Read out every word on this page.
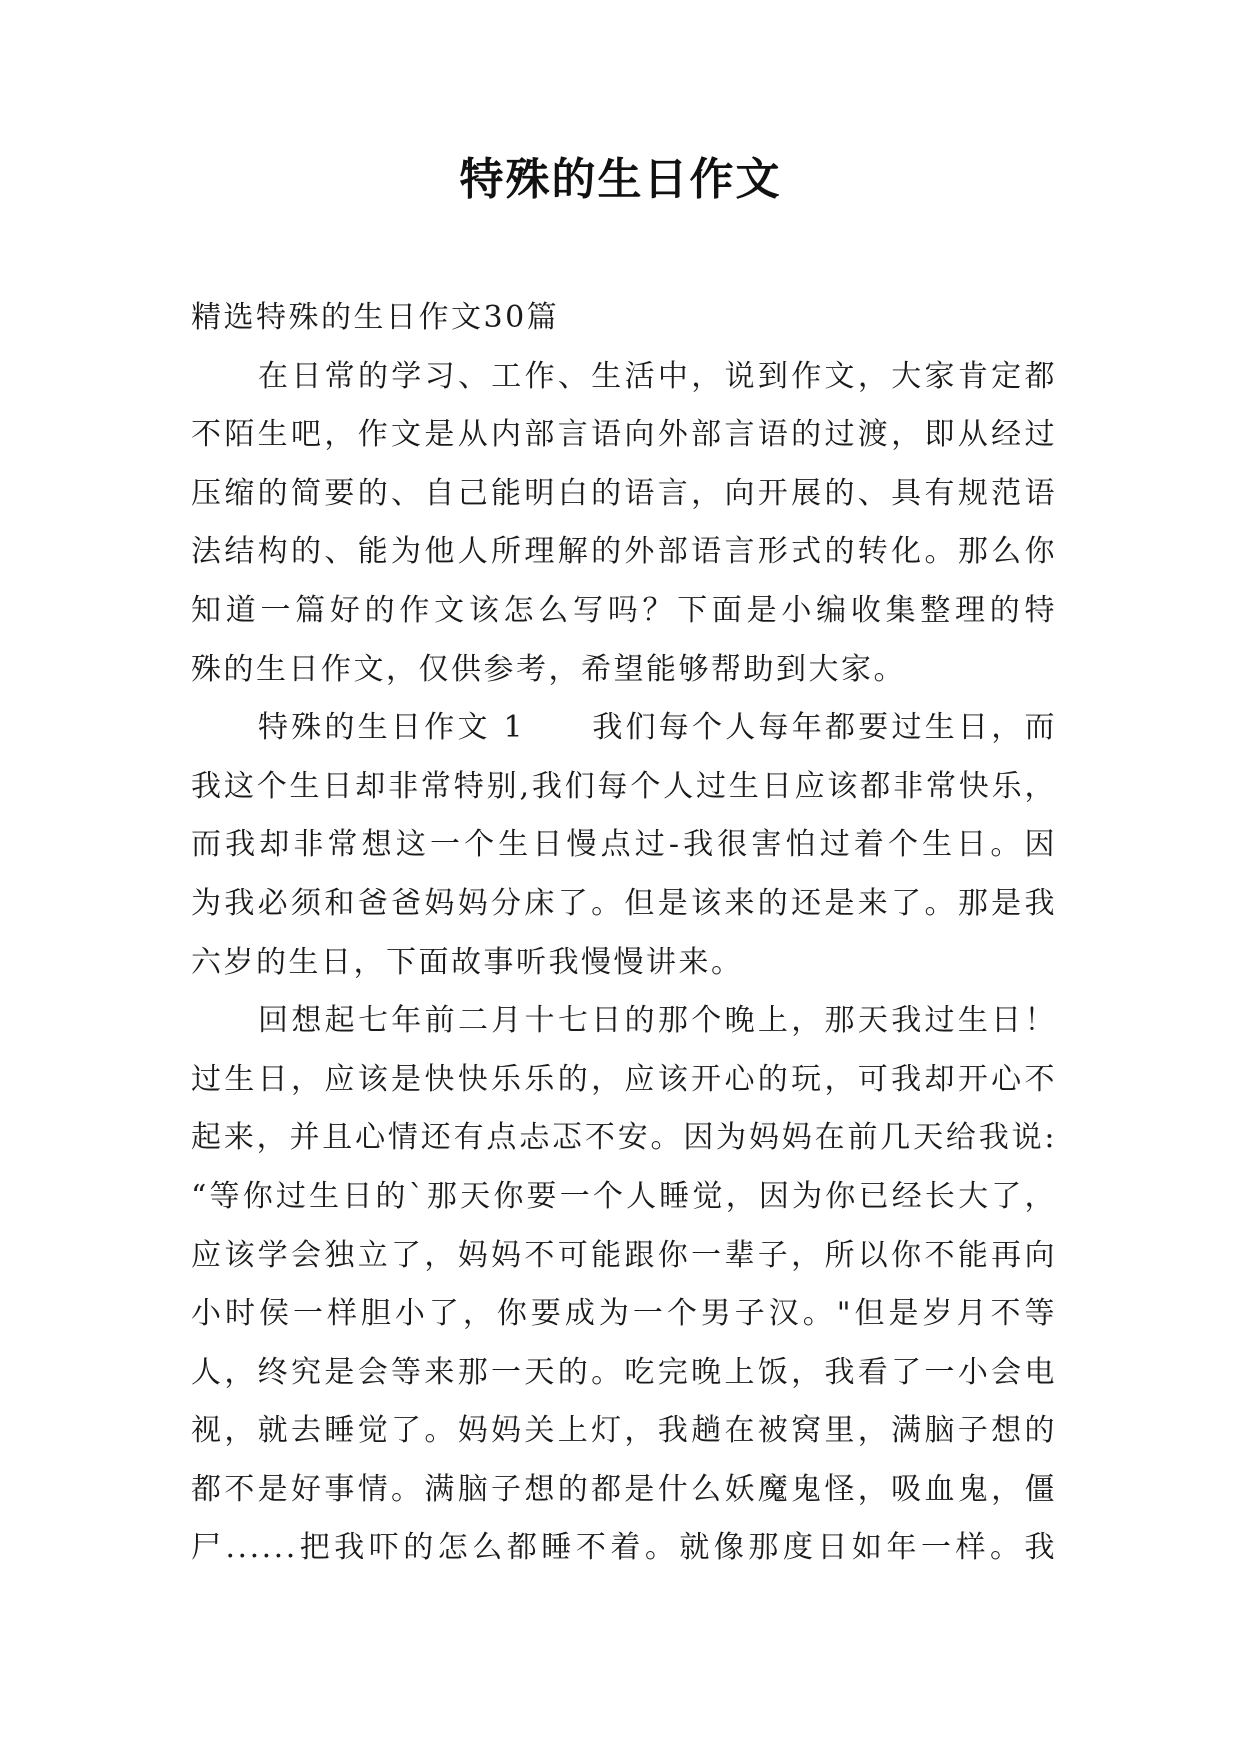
特殊的生日作文
精选特殊的生日作文30篇
在日常的学习、工作、生活中，说到作文，大家肯定都
不陌生吧，作文是从内部言语向外部言语的过渡，即从经过
压缩的简要的、自己能明白的语言，向开展的、具有规范语
法结构的、能为他人所理解的外部语言形式的转化。那么你
知道一篇好的作文该怎么写吗？下面是小编收集整理的特
殊的生日作文，仅供参考，希望能够帮助到大家。
特殊的生日作文 1　　我们每个人每年都要过生日，而
我这个生日却非常特别,我们每个人过生日应该都非常快乐，
而我却非常想这一个生日慢点过-我很害怕过着个生日。因
为我必须和爸爸妈妈分床了。但是该来的还是来了。那是我
六岁的生日，下面故事听我慢慢讲来。
回想起七年前二月十七日的那个晚上，那天我过生日！
过生日，应该是快快乐乐的，应该开心的玩，可我却开心不
起来，并且心情还有点忐忑不安。因为妈妈在前几天给我说:
“等你过生日的`那天你要一个人睡觉，因为你已经长大了，
应该学会独立了，妈妈不可能跟你一辈子，所以你不能再向
小时侯一样胆小了，你要成为一个男子汉。"但是岁月不等
人，终究是会等来那一天的。吃完晚上饭，我看了一小会电
视，就去睡觉了。妈妈关上灯，我趟在被窝里，满脑子想的
都不是好事情。满脑子想的都是什么妖魔鬼怪，吸血鬼，僵
尸......把我吓的怎么都睡不着。就像那度日如年一样。我
